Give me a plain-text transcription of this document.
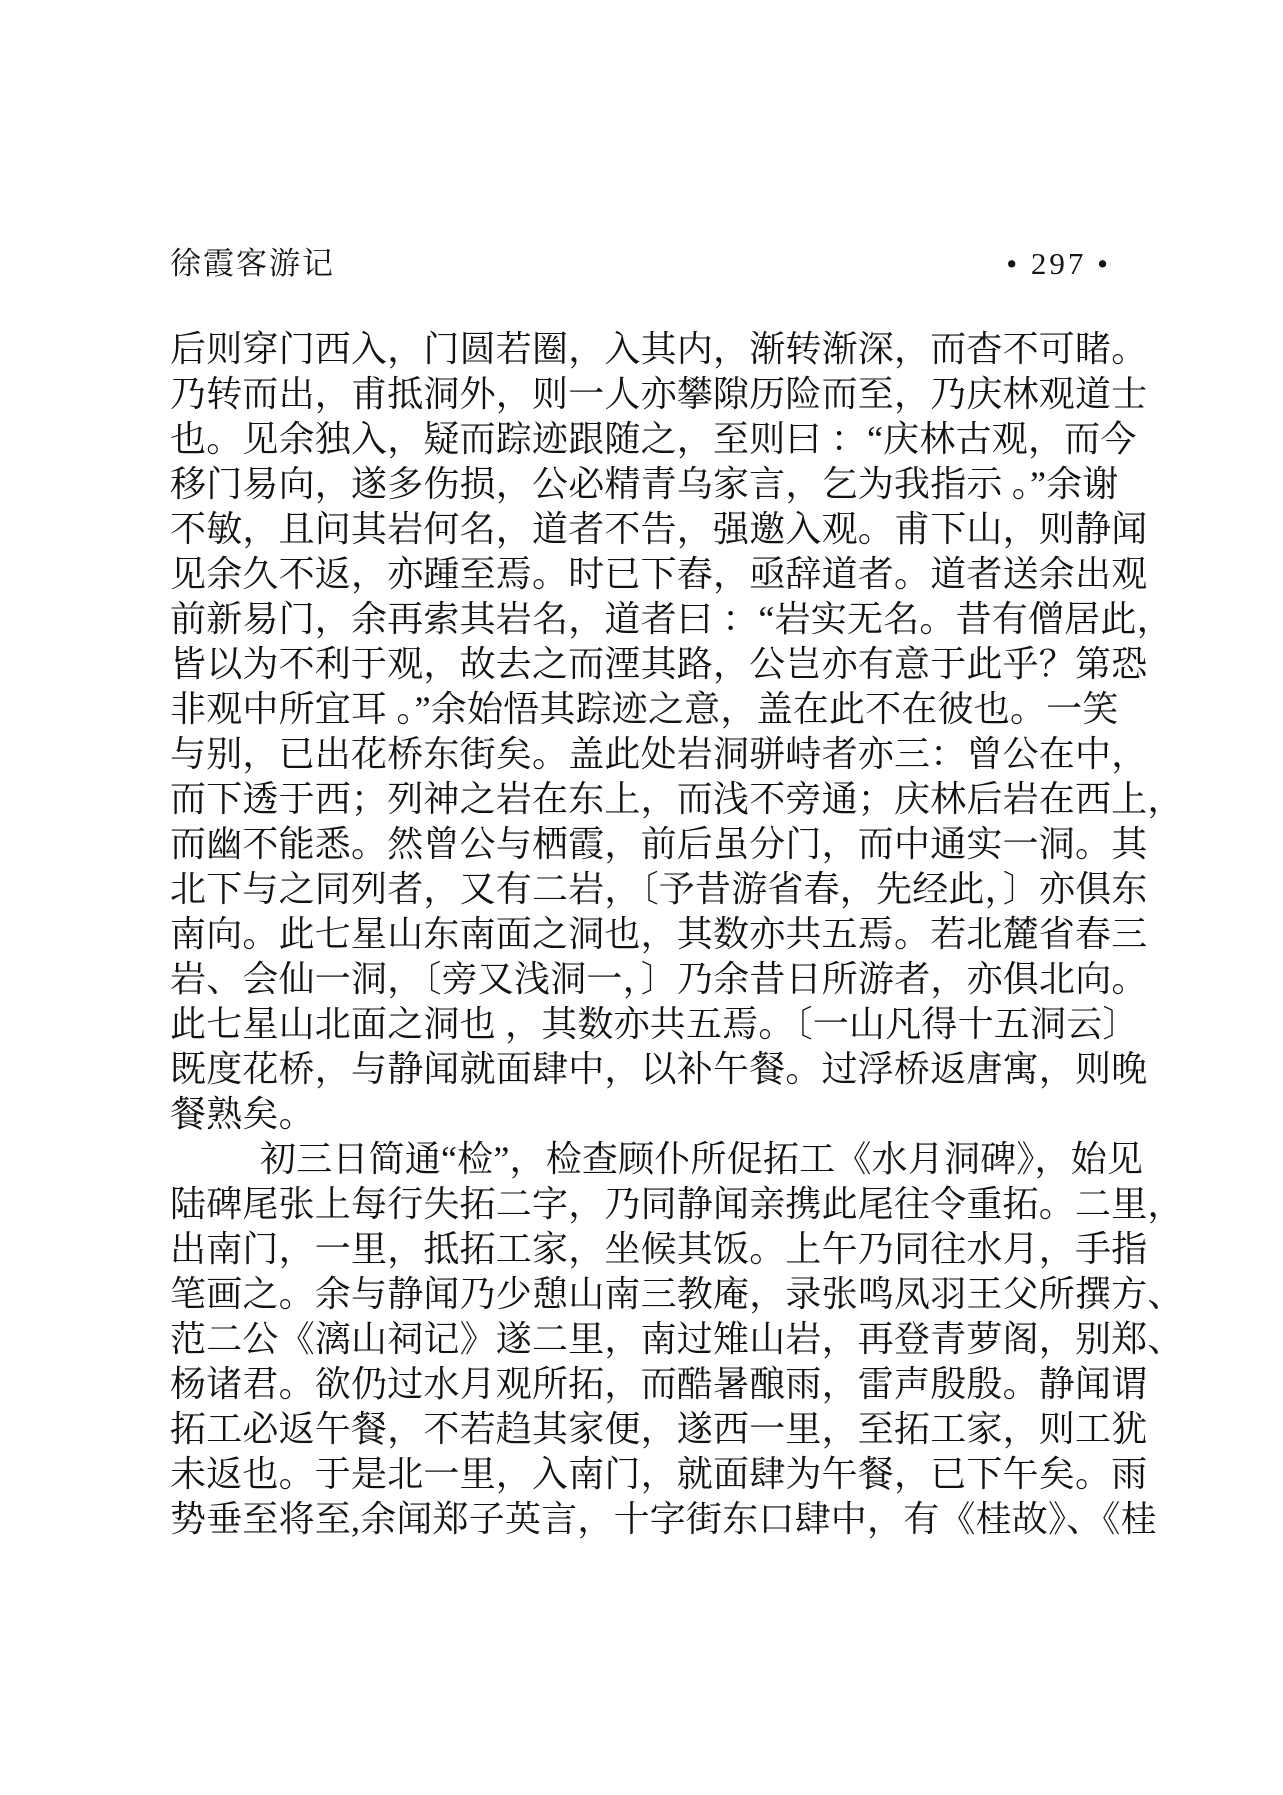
徐霞客游记	• 297 •
后则穿门西入，门圆若圈，入其内，渐转渐深，而杳不可睹。
乃转而出，甫抵洞外，则一人亦攀隙历险而至，乃庆林观道士
也。见余独入，疑而踪迹跟随之，至则曰 ：“庆林古观，而今
移门易向，遂多伤损，公必精青乌家言，乞为我指示 。”余谢
不敏，且问其岩何名，道者不告，强邀入观。甫下山，则静闻
见余久不返，亦踵至焉。时已下舂，亟辞道者。道者送余出观
前新易门，余再索其岩名，道者曰 ：“岩实无名。昔有僧居此，
皆以为不利于观，故去之而湮其路，公岂亦有意于此乎？第恐
非观中所宜耳 。”余始悟其踪迹之意，盖在此不在彼也。一笑
与别，已出花桥东街矣。盖此处岩洞骈峙者亦三：曾公在中，
而下透于西；列神之岩在东上，而浅不旁通；庆林后岩在西上，
而幽不能悉。然曾公与栖霞，前后虽分门，而中通实一洞。其
北下与之同列者，又有二岩，〔予昔游省春，先经此，〕亦俱东
南向。此七星山东南面之洞也，其数亦共五焉。若北麓省春三
岩、会仙一洞，〔旁又浅洞一，〕乃余昔日所游者，亦俱北向。
此七星山北面之洞也 ，其数亦共五焉。〔一山凡得十五洞云〕
既度花桥，与静闻就面肆中，以补午餐。过浮桥返唐寓，则晚
餐熟矣。
初三日简通“检”，检查顾仆所促拓工《水月洞碑》，始见
陆碑尾张上每行失拓二字，乃同静闻亲携此尾往令重拓。二里，
出南门，一里，抵拓工家，坐候其饭。上午乃同往水月，手指
笔画之。余与静闻乃少憩山南三教庵，录张鸣凤羽王父所撰方、
范二公《漓山祠记》遂二里，南过雉山岩，再登青萝阁，别郑、
杨诸君。欲仍过水月观所拓，而酷暑酿雨，雷声殷殷。静闻谓
拓工必返午餐，不若趋其家便，遂西一里，至拓工家，则工犹
未返也。于是北一里，入南门，就面肆为午餐，已下午矣。雨
势垂至将至,余闻郑子英言，十字街东口肆中，有《桂故》、《桂
